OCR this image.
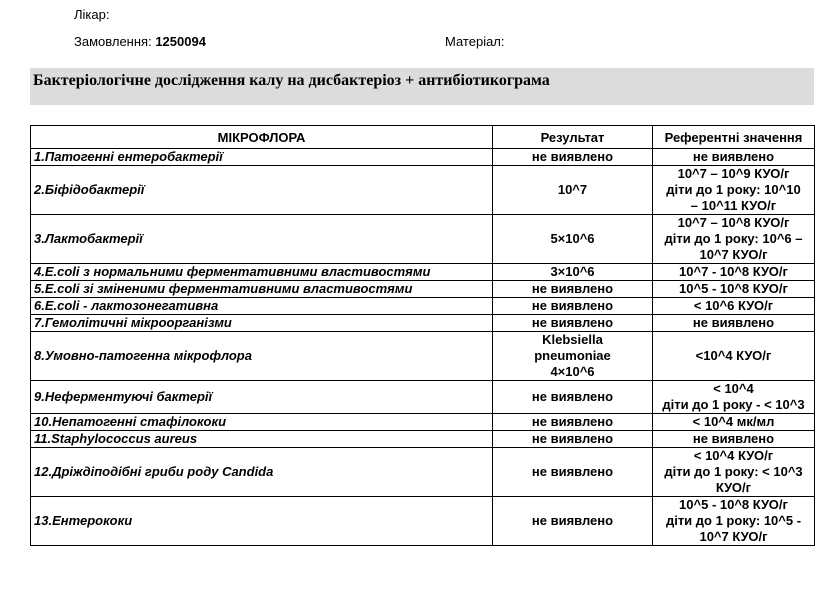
Лікар:
Замовлення: 1250094	Матеріал:
Бактеріологічне дослідження калу на дисбактеріоз + антибіотикограма
МІКРОФЛОРА	Результат	Референтні значення
1.Патогенні ентеробактерії	не виявлено	не виявлено
2.Біфідобактерії	10^7	10^7 – 10^9 КУО/г
діти до 1 року: 10^10
– 10^11 КУО/г
3.Лактобактерії	5×10^6	10^7 – 10^8 КУО/г
діти до 1 року: 10^6 –
10^7 КУО/г
4.E.coli з нормальними ферментативними властивостями	3×10^6	10^7 - 10^8 КУО/г
5.E.coli зі зміненими ферментативними властивостями	не виявлено	10^5 - 10^8 КУО/г
6.E.coli - лактозонегативна	не виявлено	< 10^6 КУО/г
7.Гемолітичні мікроорганізми	не виявлено	не виявлено
8.Умовно-патогенна мікрофлора	Klebsiella
pneumoniae
4×10^6	<10^4 КУО/г
9.Неферментуючі бактерії	не виявлено	< 10^4
діти до 1 року - < 10^3
10.Непатогенні стафілококи	не виявлено	< 10^4 мк/мл
11.Staphylococcus aureus	не виявлено	не виявлено
12.Дріждіподібні гриби роду Candida	не виявлено	< 10^4 КУО/г
діти до 1 року: < 10^3
КУО/г
13.Ентерококи	не виявлено	10^5 - 10^8 КУО/г
діти до 1 року: 10^5 -
10^7 КУО/г
